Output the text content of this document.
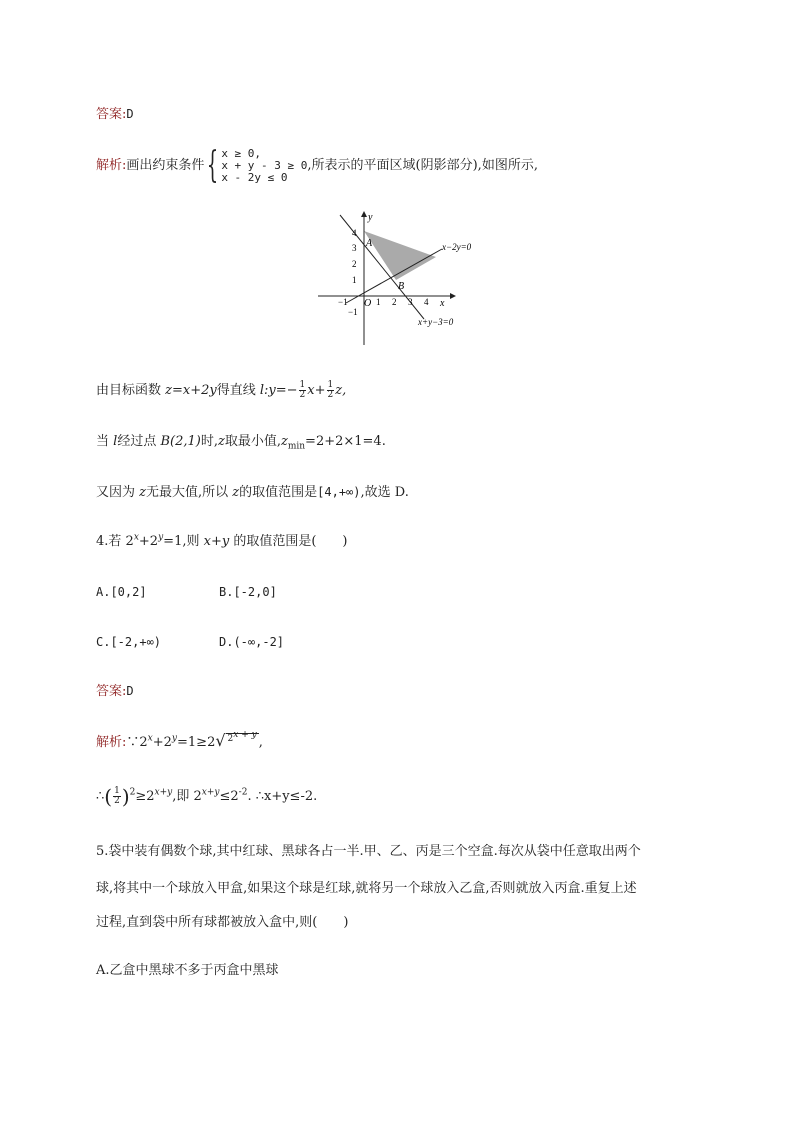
答案:D
解析:画出约束条件{ x ≥ 0,
x + y - 3 ≥ 0
x - 2y ≤ 0
,所表示的平面区域(阴影部分),如图所示,
y
x
O
A
B
x−2y=0
x+y−3=0
−1	1 2 3 4
4
3
2
1
−1
由目标函数 z=x+2y得直线 l:y=− $\frac{1}{2} x+ \frac{1}{2} z$,
当 l经过点 B(2,1)时,z取最小值$,z_{min}=2+2\times 1=4$.
又因为 z无最大值,所以 z的取值范围是[4,+∞),故选 D.
4.若 $2^x+2^y=1$,则 x+y 的取值范围是(　　)
A.[0,2]	B.[-2,0]
C.[-2,+∞)	D.(-∞,-2]
答案:D
解析$:\because 2^x+2^y=1\ge 2√$ $2^{x + y}$,
∴( $\frac{1}{2} )^2\ge 2^{x+y}$,即 $2^{x+y}\le 2^{-2}$. ∴x+y≤-2.
5.袋中装有偶数个球,其中红球、黑球各占一半.甲、乙、丙是三个空盒.每次从袋中任意取出两个
球,将其中一个球放入甲盒,如果这个球是红球,就将另一个球放入乙盒,否则就放入丙盒.重复上述
过程,直到袋中所有球都被放入盒中,则(　　)
A.乙盒中黑球不多于丙盒中黑球
